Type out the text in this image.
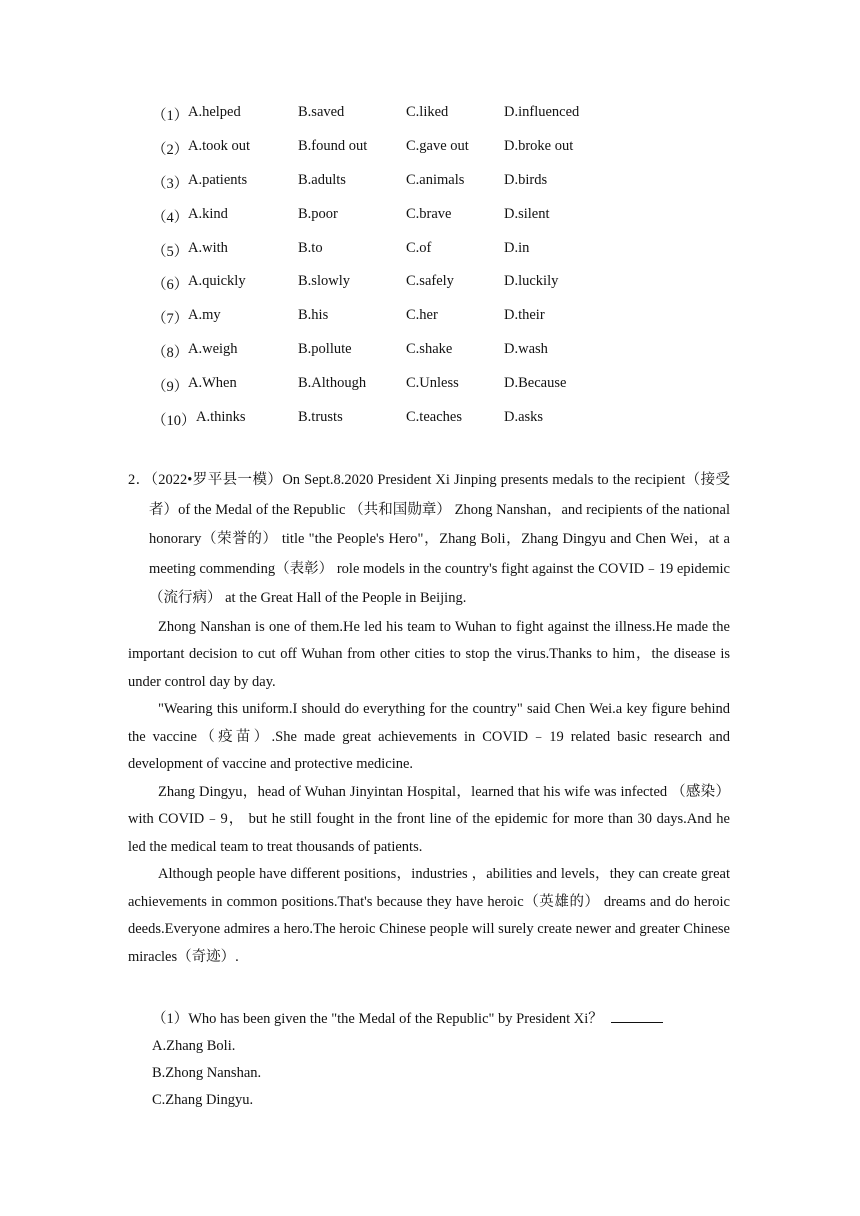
（1） A.helped	B.saved	C.liked	D.influenced
（2） A.took out	B.found out	C.gave out D.broke out
（3） A.patients	B.adults	C.animals	D.birds
（4） A.kind	B.poor	C.brave	D.silent
（5） A.with	B.to	C.of	D.in
（6） A.quickly	B.slowly	C.safely	D.luckily
（7） A.my	B.his	C.her	D.their
（8） A.weigh	B.pollute	C.shake	D.wash
（9） A.When	B.Although	C.Unless	D.Because
（10） A.thinks	B.trusts	C.teaches	D.asks

2．（2022•罗平县一模）On Sept.8.2020 President Xi Jinping presents medals to the recipient（接受者）of the Medal of the Republic （共和国勋章） Zhong Nanshan，and recipients of the national honorary（荣誉的） title "the People's Hero"，Zhang Boli，Zhang Dingyu and Chen Wei，at a meeting commending（表彰） role models in the country's fight against the COVID﹣19 epidemic（流行病） at the Great Hall of the People in Beijing.

Zhong Nanshan is one of them.He led his team to Wuhan to fight against the illness.He made the important decision to cut off Wuhan from other cities to stop the virus.Thanks to him，the disease is under control day by day.

"Wearing this uniform.I should do everything for the country" said Chen Wei.a key figure behind the vaccine（疫苗）.She made great achievements in COVID﹣19 related basic research and development of vaccine and protective medicine.

Zhang Dingyu，head of Wuhan Jinyintan Hospital，learned that his wife was infected （感染） with COVID﹣9， but he still fought in the front line of the epidemic for more than 30 days.And he led the medical team to treat thousands of patients.

Although people have different positions，industries ，abilities and levels，they can create great achievements in common positions.That's because they have heroic（英雄的） dreams and do heroic deeds.Everyone admires a hero.The heroic Chinese people will surely create newer and greater Chinese miracles（奇迹）.

（1）Who has been given the "the Medal of the Republic" by President Xi？

A.Zhang Boli.

B.Zhong Nanshan.

C.Zhang Dingyu.
